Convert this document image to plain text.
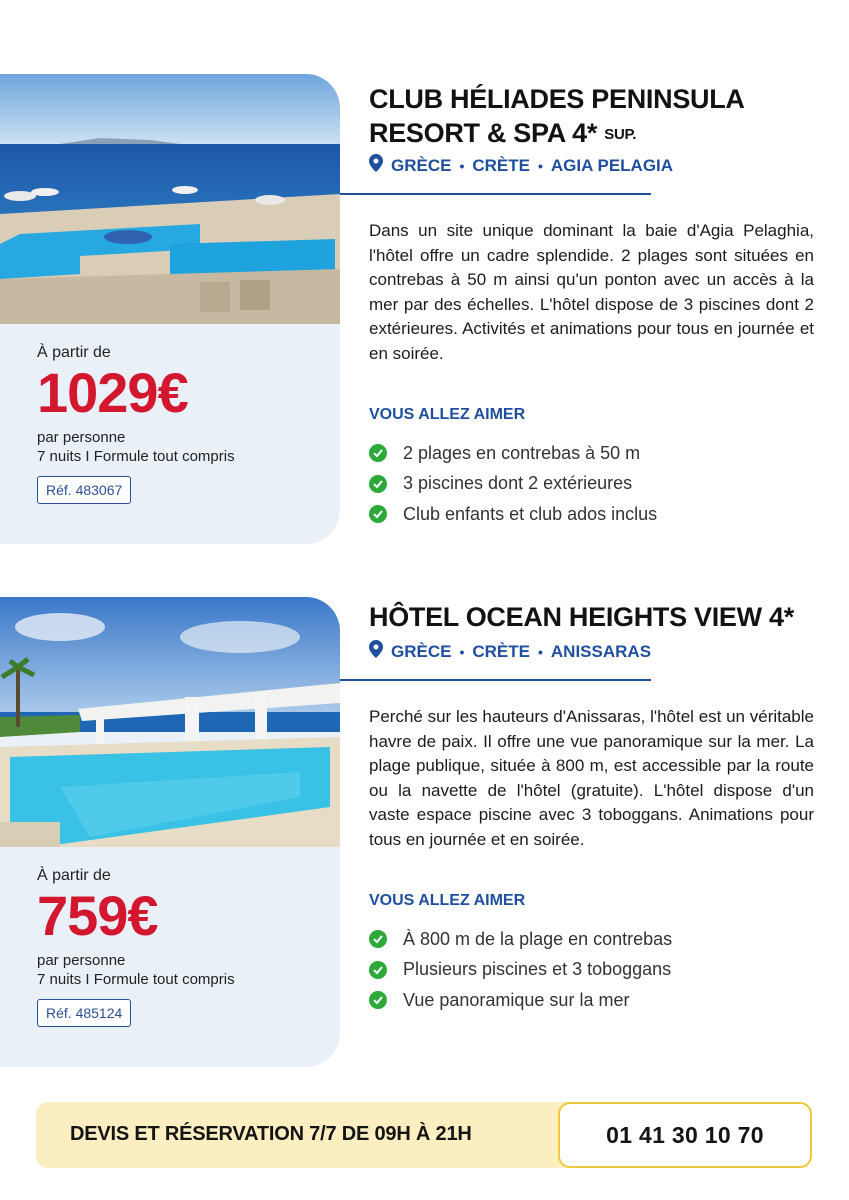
À partir de
1029€
par personne
7 nuits I Formule tout compris
Réf. 483067
CLUB HÉLIADES PENINSULA
RESORT & SPA 4* $^{SUP.}$
GRÈCE • CRÈTE • AGIA PELAGIA
Dans un site unique dominant la baie d'Agia Pelaghia, l'hôtel offre un cadre splendide. 2 plages sont situées en contrebas à 50 m ainsi qu'un ponton avec un accès à la mer par des échelles. L'hôtel dispose de 3 piscines dont 2 extérieures. Activités et animations pour tous en journée et en soirée.
VOUS ALLEZ AIMER
2 plages en contrebas à 50 m
3 piscines dont 2 extérieures
Club enfants et club ados inclus
À partir de
759€
par personne
7 nuits I Formule tout compris
Réf. 485124
HÔTEL OCEAN HEIGHTS VIEW 4*
GRÈCE • CRÈTE • ANISSARAS
Perché sur les hauteurs d'Anissaras, l'hôtel est un véritable havre de paix. Il offre une vue panoramique sur la mer. La plage publique, située à 800 m, est accessible par la route ou la navette de l'hôtel (gratuite). L'hôtel dispose d'un vaste espace piscine avec 3 toboggans. Animations pour tous en journée et en soirée.
VOUS ALLEZ AIMER
À 800 m de la plage en contrebas
Plusieurs piscines et 3 toboggans
Vue panoramique sur la mer
DEVIS ET RÉSERVATION 7/7 DE 09H À 21H	01 41 30 10 70
